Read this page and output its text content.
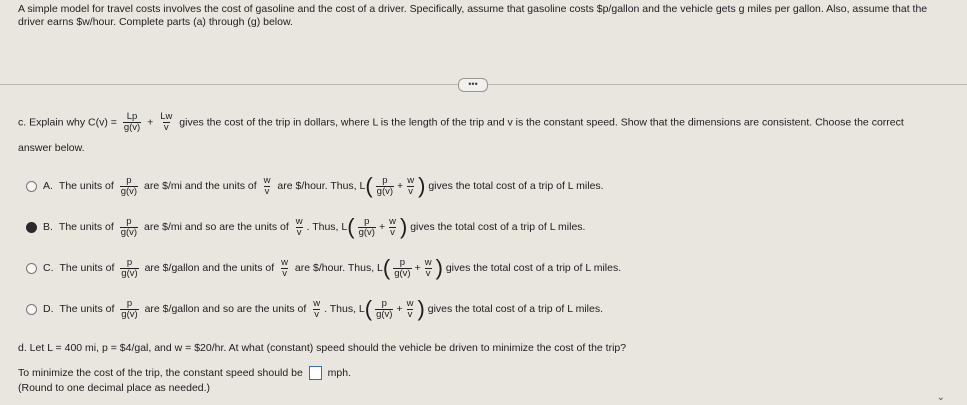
A simple model for travel costs involves the cost of gasoline and the cost of a driver. Specifically, assume that gasoline costs $p/gallon and the vehicle gets g miles per gallon. Also, assume that the driver earns $w/hour. Complete parts (a) through (g) below.
•••
c. Explain why $C(v) = \frac{Lp}{g(v)} + \frac{Lw}{v}$ gives the cost of the trip in dollars, where L is the length of the trip and v is the constant speed. Show that the dimensions are consistent. Choose the correct
answer below.
A. The units of $\frac{p}{g(v)}$ are $/mi and the units of $\frac{w}{v}$ are $/hour. Thus, $L( \frac{p}{g(v)} + \frac{w}{v}$ ) gives the total cost of a trip of L miles.
B. The units of $\frac{p}{g(v)}$ are $/mi and so are the units of $\frac{w}{v}$ . Thus, $L( \frac{p}{g(v)} + \frac{w}{v}$ ) gives the total cost of a trip of L miles.
C. The units of $\frac{p}{g(v)}$ are $/gallon and the units of $\frac{w}{v}$ are $/hour. Thus, $L( \frac{p}{g(v)} + \frac{w}{v}$ ) gives the total cost of a trip of L miles.
D. The units of $\frac{p}{g(v)}$ are $/gallon and so are the units of $\frac{w}{v}$ . Thus, $L( \frac{p}{g(v)} + \frac{w}{v}$ ) gives the total cost of a trip of L miles.
d. Let L = 400 mi, p = $4/gal, and w = $20/hr. At what (constant) speed should the vehicle be driven to minimize the cost of the trip?
To minimize the cost of the trip, the constant speed should be mph.
(Round to one decimal place as needed.)
⌄
